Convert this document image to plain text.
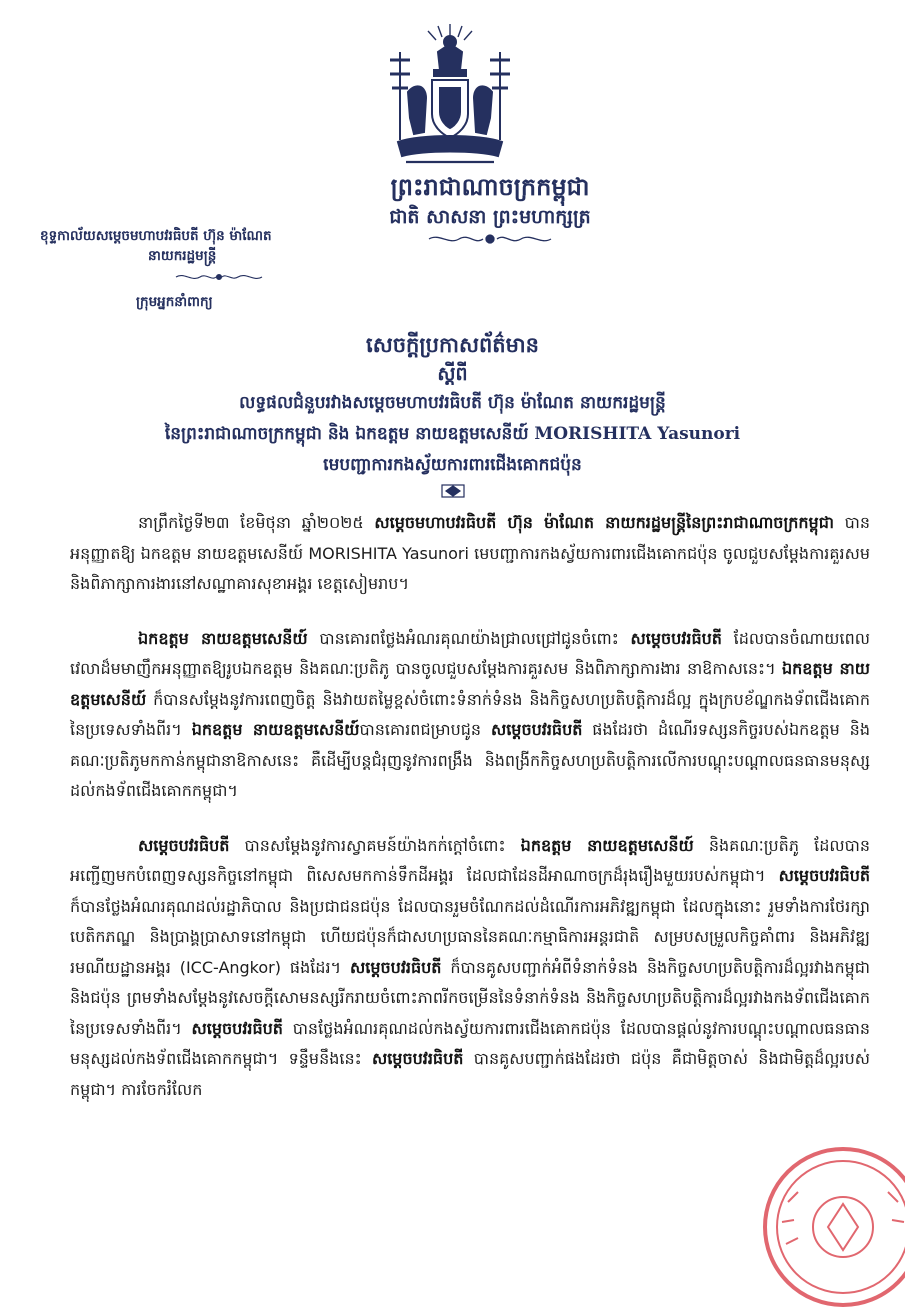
ព្រះរាជាណាចក្រកម្ពុជា
ជាតិ សាសនា ព្រះមហាក្សត្រ
ខុទ្ទកាល័យសម្តេចមហាបវរធិបតី ហ៊ុន ម៉ាណែត
នាយករដ្ឋមន្ត្រី
ក្រុមអ្នកនាំពាក្យ
សេចក្តីប្រកាសព័ត៌មាន
ស្តីពី
លទ្ធផលជំនួបរវាងសម្តេចមហាបវរធិបតី ហ៊ុន ម៉ាណែត នាយករដ្ឋមន្ត្រី
នៃព្រះរាជាណាចក្រកម្ពុជា និង ឯកឧត្តម នាយឧត្តមសេនីយ៍ MORISHITA Yasunori
មេបញ្ជាការកងស្វ័យការពារជើងគោកជប៉ុន

នាព្រឹកថ្ងៃទី២៣ ខែមិថុនា ឆ្នាំ២០២៥ សម្តេចមហាបវរធិបតី ហ៊ុន ម៉ាណែត នាយករដ្ឋមន្ត្រីនៃព្រះរាជាណាចក្រកម្ពុជា បានអនុញ្ញាតឱ្យ ឯកឧត្តម នាយឧត្តមសេនីយ៍ MORISHITA Yasunori មេបញ្ជាការកងស្វ័យការពារជើងគោកជប៉ុន ចូលជួបសម្តែងការគួរសម និងពិភាក្សាការងារនៅសណ្ឋាគារសុខាអង្គរ ខេត្តសៀមរាប។

ឯកឧត្តម នាយឧត្តមសេនីយ៍ បានគោរពថ្លែងអំណរគុណយ៉ាងជ្រាលជ្រៅជូនចំពោះ សម្តេចបវរធិបតី ដែលបានចំណាយពេលវេលាដ៏មមាញឹកអនុញ្ញាតឱ្យរូបឯកឧត្តម និងគណៈប្រតិភូ បានចូលជួបសម្តែងការគួរសម និងពិភាក្សាការងារ នាឱកាសនេះ។ ឯកឧត្តម នាយឧត្តមសេនីយ៍ ក៏បានសម្តែងនូវការពេញចិត្ត និងវាយតម្លៃខ្ពស់ចំពោះទំនាក់ទំនង និងកិច្ចសហប្រតិបត្តិការដ៏ល្អ ក្នុងក្របខ័ណ្ឌកងទ័ពជើងគោកនៃប្រទេសទាំងពីរ។ ឯកឧត្តម នាយឧត្តមសេនីយ៍បានគោរពជម្រាបជូន សម្តេចបវរធិបតី ផងដែរថា ដំណើរទស្សនកិច្ចរបស់ឯកឧត្តម និងគណៈប្រតិភូមកកាន់កម្ពុជានាឱកាសនេះ គឺដើម្បីបន្តជំរុញនូវការពង្រឹង និងពង្រីកកិច្ចសហប្រតិបត្តិការលើការបណ្តុះបណ្តាលធនធានមនុស្សដល់កងទ័ពជើងគោកកម្ពុជា។

សម្តេចបវរធិបតី បានសម្តែងនូវការស្វាគមន៍យ៉ាងកក់ក្តៅចំពោះ ឯកឧត្តម នាយឧត្តមសេនីយ៍ និងគណៈប្រតិភូ ដែលបានអញ្ជើញមកបំពេញទស្សនកិច្ចនៅកម្ពុជា ពិសេសមកកាន់ទឹកដីអង្គរ ដែលជាដែនដីអាណាចក្រដ៏រុងរឿងមួយរបស់កម្ពុជា។ សម្តេចបវរធិបតី ក៏បានថ្លែងអំណរគុណដល់រដ្ឋាភិបាល និងប្រជាជនជប៉ុន ដែលបានរួមចំណែកដល់ដំណើរការអភិវឌ្ឍកម្ពុជា ដែលក្នុងនោះ រួមទាំងការថែរក្សាបេតិកភណ្ឌ និងប្រាង្គប្រាសាទនៅកម្ពុជា ហើយជប៉ុនក៏ជាសហប្រធាននៃគណៈកម្មាធិការអន្តរជាតិ សម្របសម្រួលកិច្ចគាំពារ និងអភិវឌ្ឍរមណីយដ្ឋានអង្គរ (ICC-Angkor) ផងដែរ។ សម្តេចបវរធិបតី ក៏បានគូសបញ្ជាក់អំពីទំនាក់ទំនង និងកិច្ចសហប្រតិបត្តិការដ៏ល្អរវាងកម្ពុជា និងជប៉ុន ព្រមទាំងសម្តែងនូវសេចក្តីសោមនស្សរីករាយចំពោះភាពរីកចម្រើននៃទំនាក់ទំនង និងកិច្ចសហប្រតិបត្តិការដ៏ល្អរវាងកងទ័ពជើងគោកនៃប្រទេសទាំងពីរ។ សម្តេចបវរធិបតី បានថ្លែងអំណរគុណដល់កងស្វ័យការពារជើងគោកជប៉ុន ដែលបានផ្តល់នូវការបណ្តុះបណ្តាលធនធានមនុស្សដល់កងទ័ពជើងគោកកម្ពុជា។ ទន្ទឹមនឹងនេះ សម្តេចបវរធិបតី បានគូសបញ្ជាក់ផងដែរថា ជប៉ុន គឺជាមិត្តចាស់ និងជាមិត្តដ៏ល្អរបស់កម្ពុជា។ ការចែករំលែក
